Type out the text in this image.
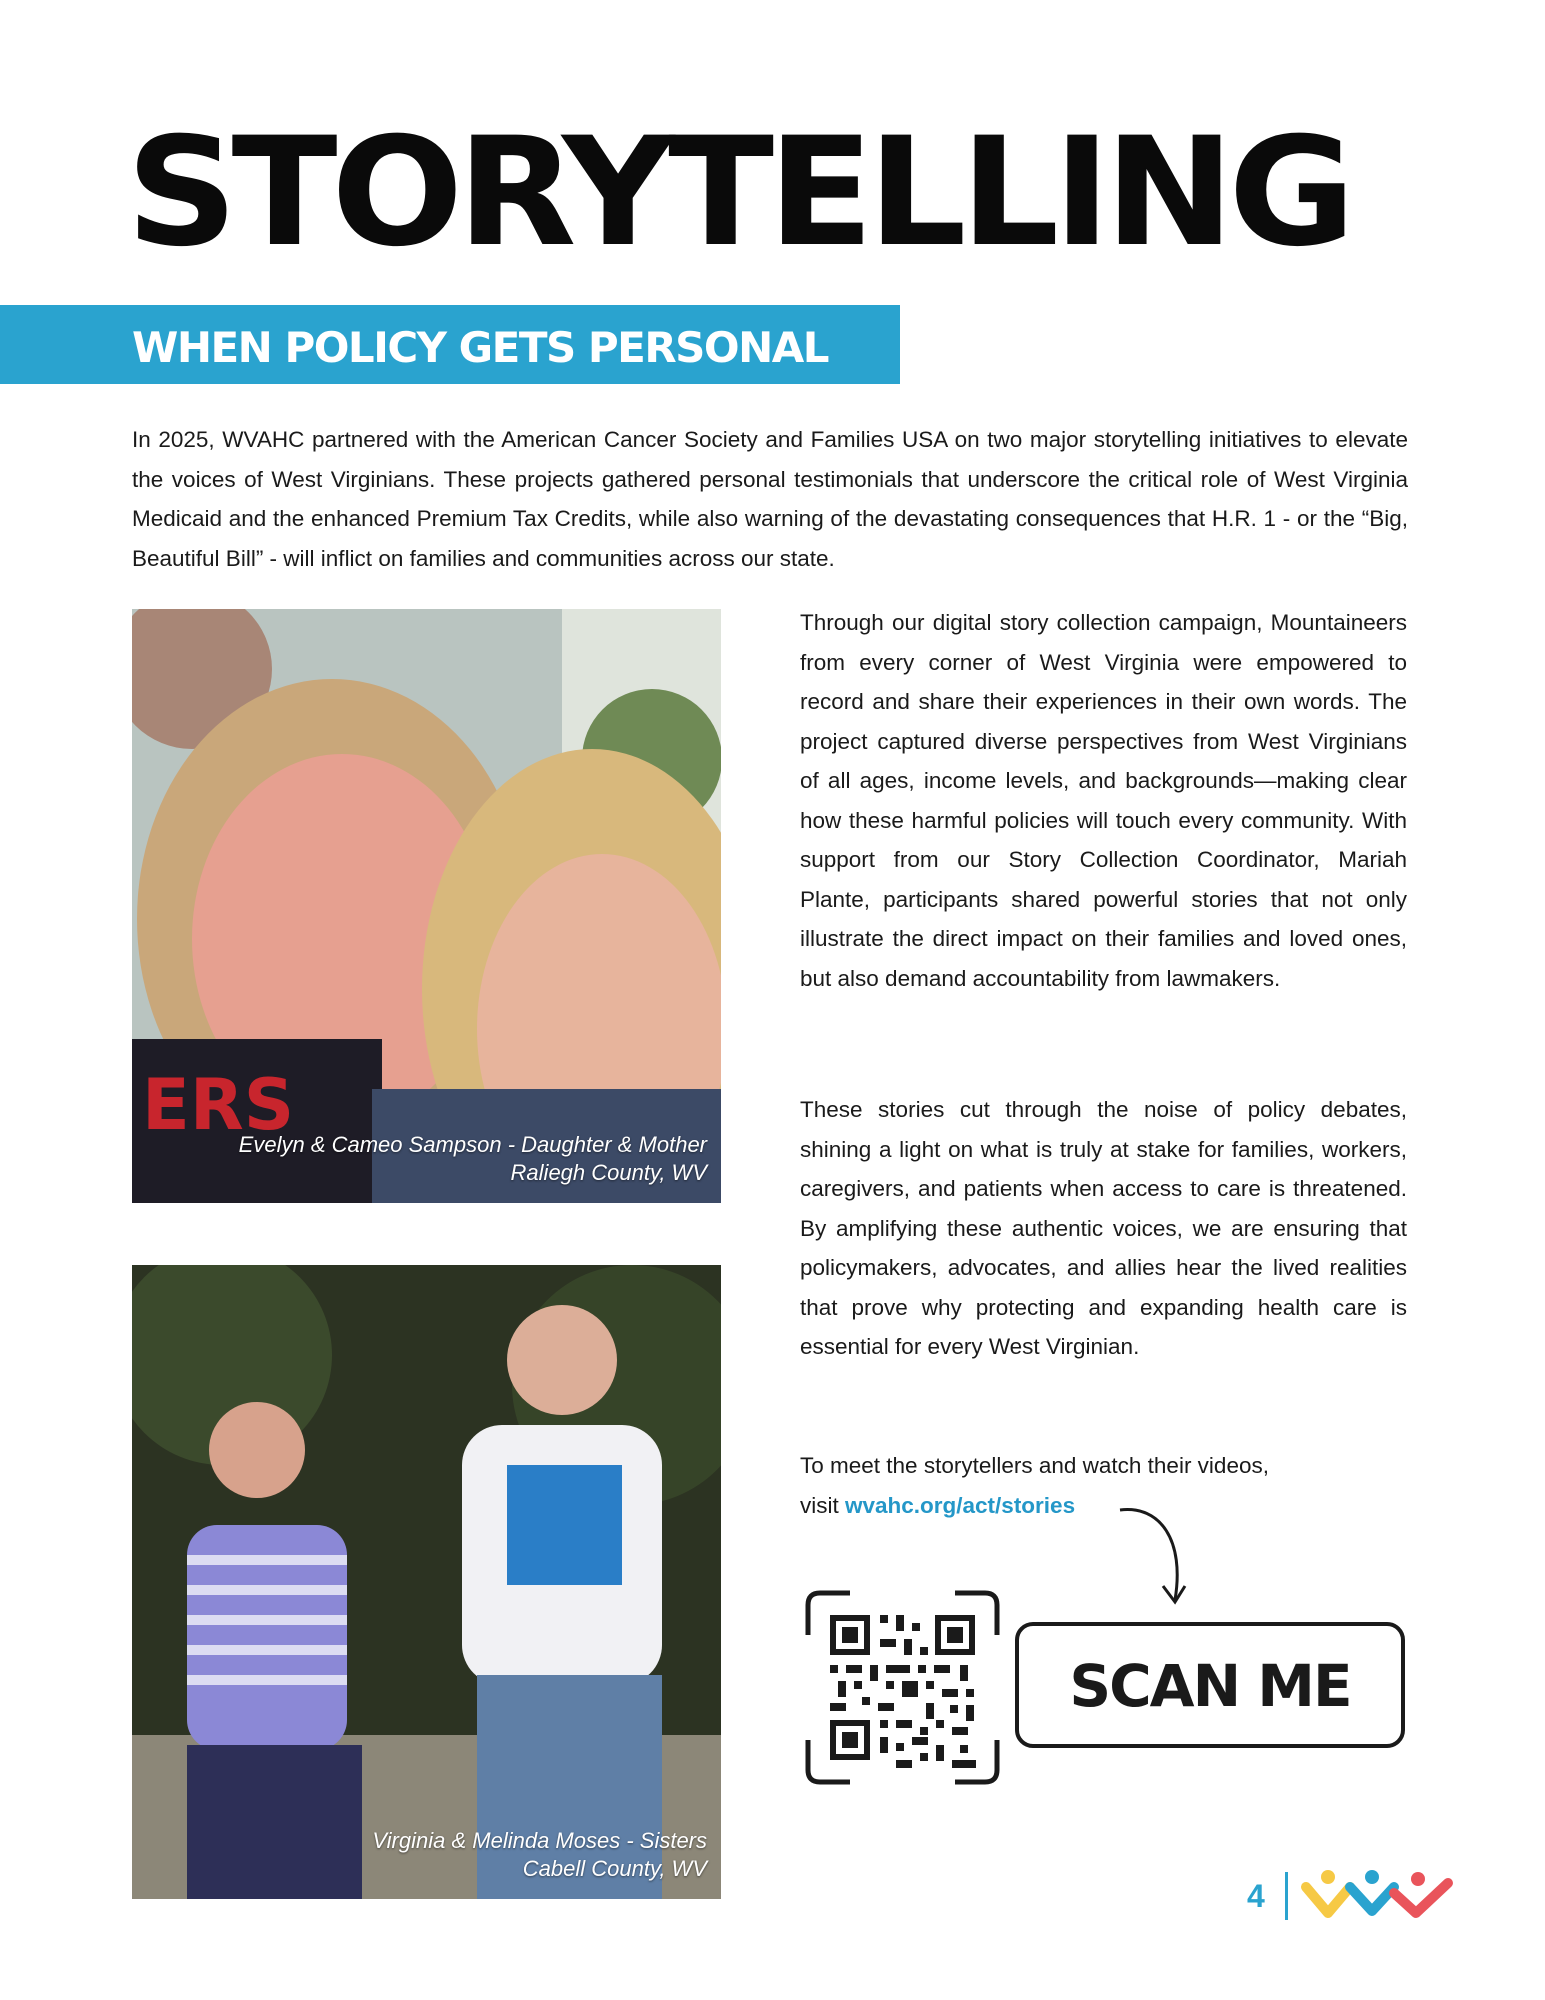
STORYTELLING
WHEN POLICY GETS PERSONAL

In 2025, WVAHC partnered with the American Cancer Society and Families USA on two major storytelling initiatives to elevate the voices of West Virginians. These projects gathered personal testimonials that underscore the critical role of West Virginia Medicaid and the enhanced Premium Tax Credits, while also warning of the devastating consequences that H.R. 1 - or the “Big, Beautiful Bill” - will inflict on families and communities across our state.

ERS
Evelyn & Cameo Sampson - Daughter & Mother
Raliegh County, WV
Virginia & Melinda Moses - Sisters
Cabell County, WV

Through our digital story collection campaign, Mountaineers from every corner of West Virginia were empowered to record and share their experiences in their own words. The project captured diverse perspectives from West Virginians of all ages, income levels, and backgrounds—making clear how these harmful policies will touch every community. With support from our Story Collection Coordinator, Mariah Plante, participants shared powerful stories that not only illustrate the direct impact on their families and loved ones, but also demand accountability from lawmakers.

These stories cut through the noise of policy debates, shining a light on what is truly at stake for families, workers, caregivers, and patients when access to care is threatened. By amplifying these authentic voices, we are ensuring that policymakers, advocates, and allies hear the lived realities that prove why protecting and expanding health care is essential for every West Virginian.

To meet the storytellers and watch their videos,
visit wvahc.org/act/stories
SCAN ME
4
